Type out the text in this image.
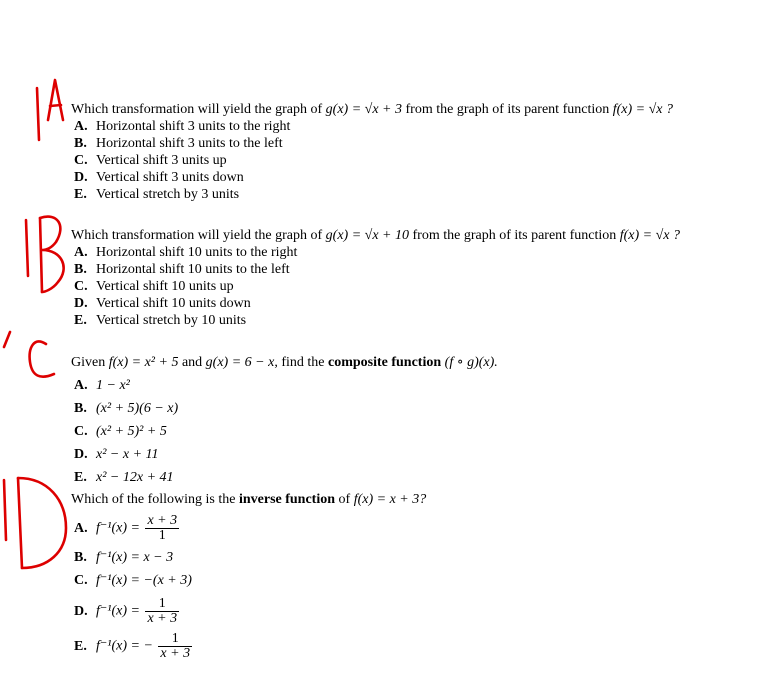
Which transformation will yield the graph of g(x) = √x + 3 from the graph of its parent function f(x) = √x ?
A. Horizontal shift 3 units to the right
B. Horizontal shift 3 units to the left
C. Vertical shift 3 units up
D. Vertical shift 3 units down
E. Vertical stretch by 3 units
Which transformation will yield the graph of g(x) = √x + 10 from the graph of its parent function f(x) = √x ?
A. Horizontal shift 10 units to the right
B. Horizontal shift 10 units to the left
C. Vertical shift 10 units up
D. Vertical shift 10 units down
E. Vertical stretch by 10 units
Given f(x) = x² + 5 and g(x) = 6 − x, find the composite function (f ∘ g)(x).
A. 1 − x²
B. (x² + 5)(6 − x)
C. (x² + 5)² + 5
D. x² − x + 11
E. x² − 12x + 41
Which of the following is the inverse function of f(x) = x + 3?
A. $f^{-1}(x) = \frac{x + 3}{1}$
B. f⁻¹(x) = x − 3
C. f⁻¹(x) = −(x + 3)
D. $f^{-1}(x) = \frac{1}{x + 3}$
E. f⁻¹(x) = − $\frac{1}{x + 3}$
